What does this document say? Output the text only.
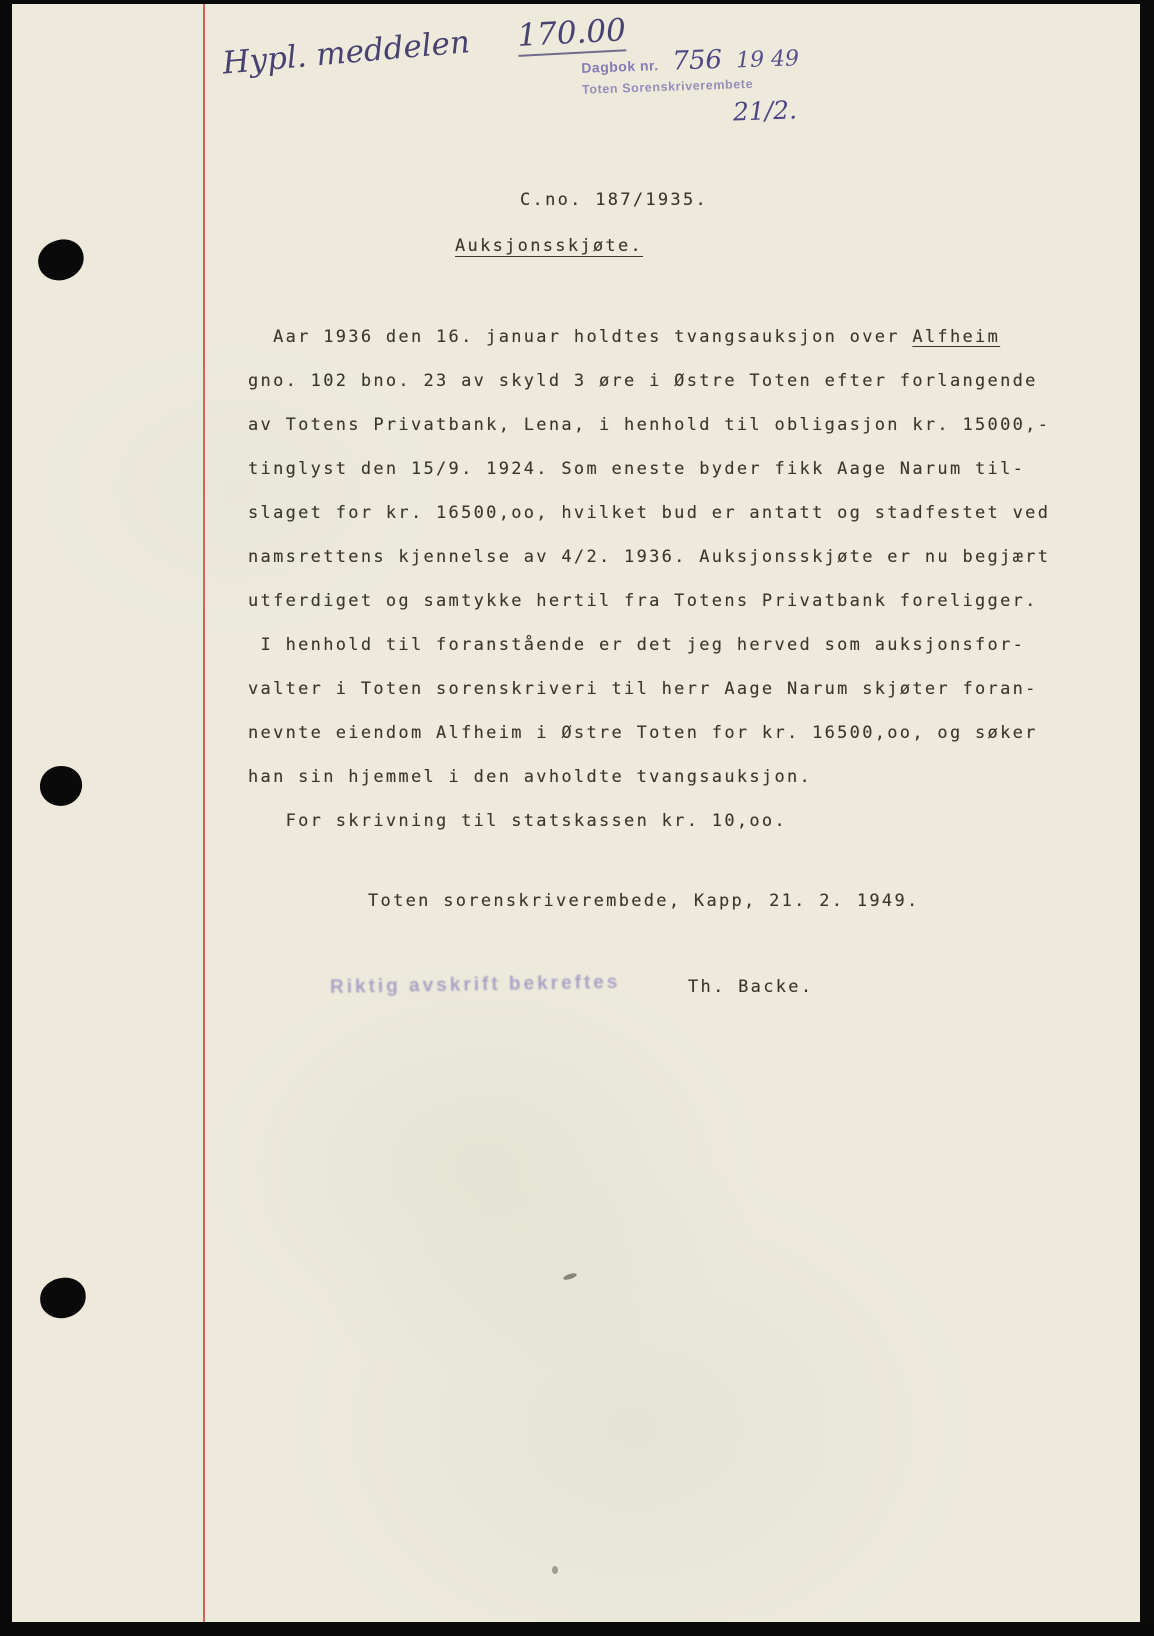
Hypl. meddelen 170.00
Dagbok nr. 756 19 49
Toten Sorenskriverembete
21/2.
C.no. 187/1935.
Auksjonsskjøte.
Aar 1936 den 16. januar holdtes tvangsauksjon over Alfheim
gno. 102 bno. 23 av skyld 3 øre i Østre Toten efter forlangende
av Totens Privatbank, Lena, i henhold til obligasjon kr. 15000,-
tinglyst den 15/9. 1924. Som eneste byder fikk Aage Narum til-
slaget for kr. 16500,oo, hvilket bud er antatt og stadfestet ved
namsrettens kjennelse av 4/2. 1936. Auksjonsskjøte er nu begjært
utferdiget og samtykke hertil fra Totens Privatbank foreligger.
I henhold til foranstående er det jeg herved som auksjonsfor-
valter i Toten sorenskriveri til herr Aage Narum skjøter foran-
nevnte eiendom Alfheim i Østre Toten for kr. 16500,oo, og søker
han sin hjemmel i den avholdte tvangsauksjon.
For skrivning til statskassen kr. 10,oo.
Toten sorenskriverembede, Kapp, 21. 2. 1949.
Riktig avskrift bekreftes	Th. Backe.
